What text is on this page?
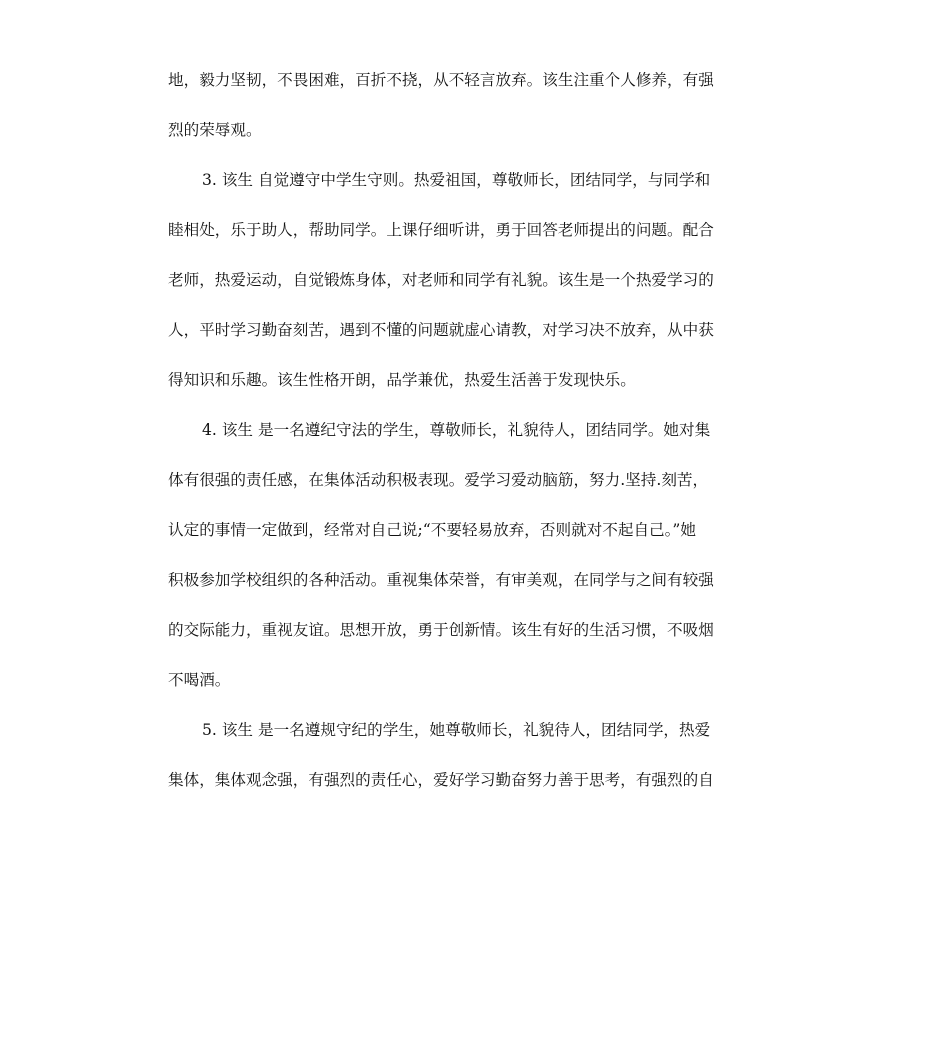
地，毅力坚韧，不畏困难，百折不挠，从不轻言放弃。该生注重个人修养，有强
烈的荣辱观。
3. 该生 自觉遵守中学生守则。热爱祖国，尊敬师长，团结同学，与同学和
睦相处，乐于助人，帮助同学。上课仔细听讲，勇于回答老师提出的问题。配合
老师，热爱运动，自觉锻炼身体，对老师和同学有礼貌。该生是一个热爱学习的
人，平时学习勤奋刻苦，遇到不懂的问题就虚心请教，对学习决不放弃，从中获
得知识和乐趣。该生性格开朗，品学兼优，热爱生活善于发现快乐。
4. 该生 是一名遵纪守法的学生，尊敬师长，礼貌待人，团结同学。她对集
体有很强的责任感，在集体活动积极表现。爱学习爱动脑筋，努力.坚持.刻苦，
认定的事情一定做到，经常对自己说;“不要轻易放弃，否则就对不起自己。”她
积极参加学校组织的各种活动。重视集体荣誉，有审美观，在同学与之间有较强
的交际能力，重视友谊。思想开放，勇于创新情。该生有好的生活习惯，不吸烟
不喝酒。
5. 该生 是一名遵规守纪的学生，她尊敬师长，礼貌待人，团结同学，热爱
集体，集体观念强，有强烈的责任心，爱好学习勤奋努力善于思考，有强烈的自
